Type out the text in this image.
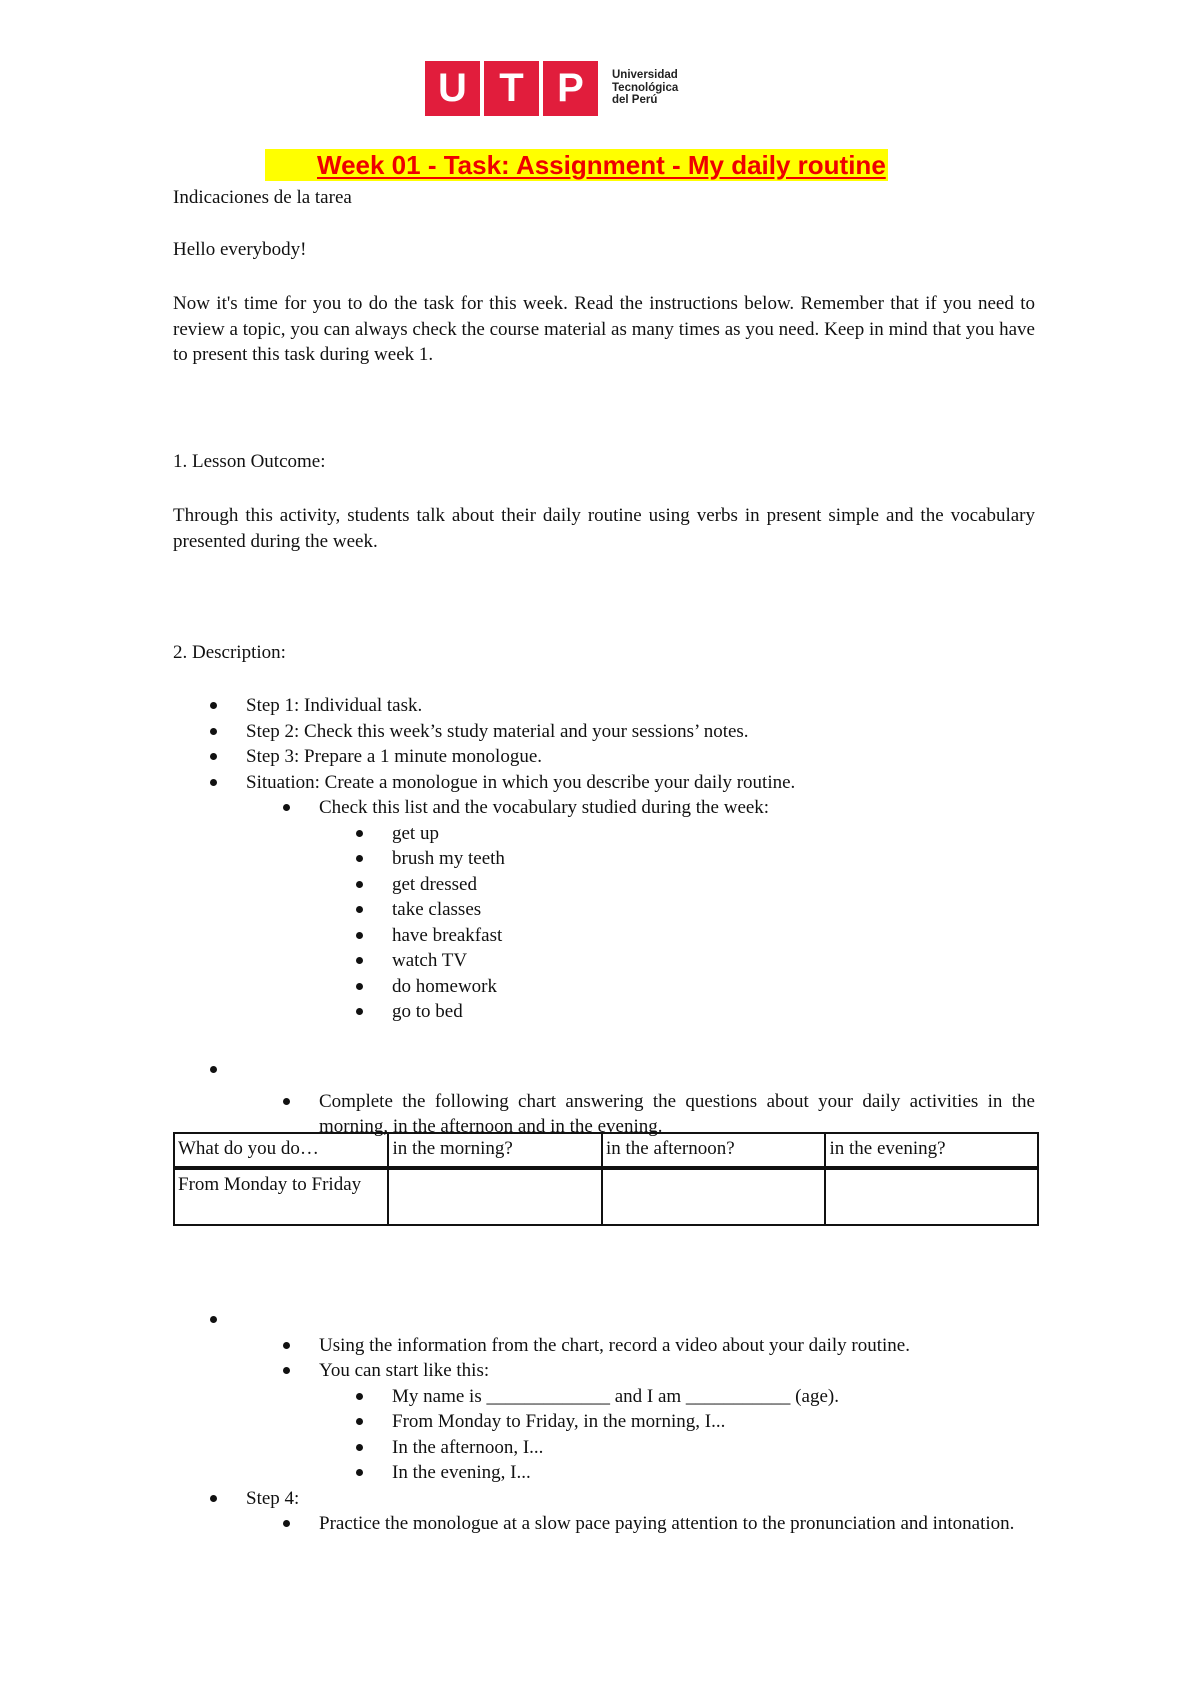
U T P	Universidad
Tecnológica
del Perú
Week 01 - Task: Assignment - My daily routine

Indicaciones de la tarea

Hello everybody!

Now it's time for you to do the task for this week. Read the instructions below. Remember that if you need to review a topic, you can always check the course material as many times as you need. Keep in mind that you have to present this task during week 1.

1. Lesson Outcome:

Through this activity, students talk about their daily routine using verbs in present simple and the vocabulary presented during the week.

2. Description:

Step 1: Individual task.
Step 2: Check this week’s study material and your sessions’ notes.
Step 3: Prepare a 1 minute monologue.
Situation: Create a monologue in which you describe your daily routine.
Check this list and the vocabulary studied during the week:
get up
brush my teeth
get dressed
take classes
have breakfast
watch TV
do homework
go to bed
Complete the following chart answering the questions about your daily activities in the morning, in the afternoon and in the evening.
What do you do…	in the morning?	in the afternoon?	in the evening?
From Monday to Friday			
Using the information from the chart, record a video about your daily routine.
You can start like this:
My name is _____________ and I am ___________ (age).
From Monday to Friday, in the morning, I...
In the afternoon, I...
In the evening, I...
Step 4:
Practice the monologue at a slow pace paying attention to the pronunciation and intonation.
